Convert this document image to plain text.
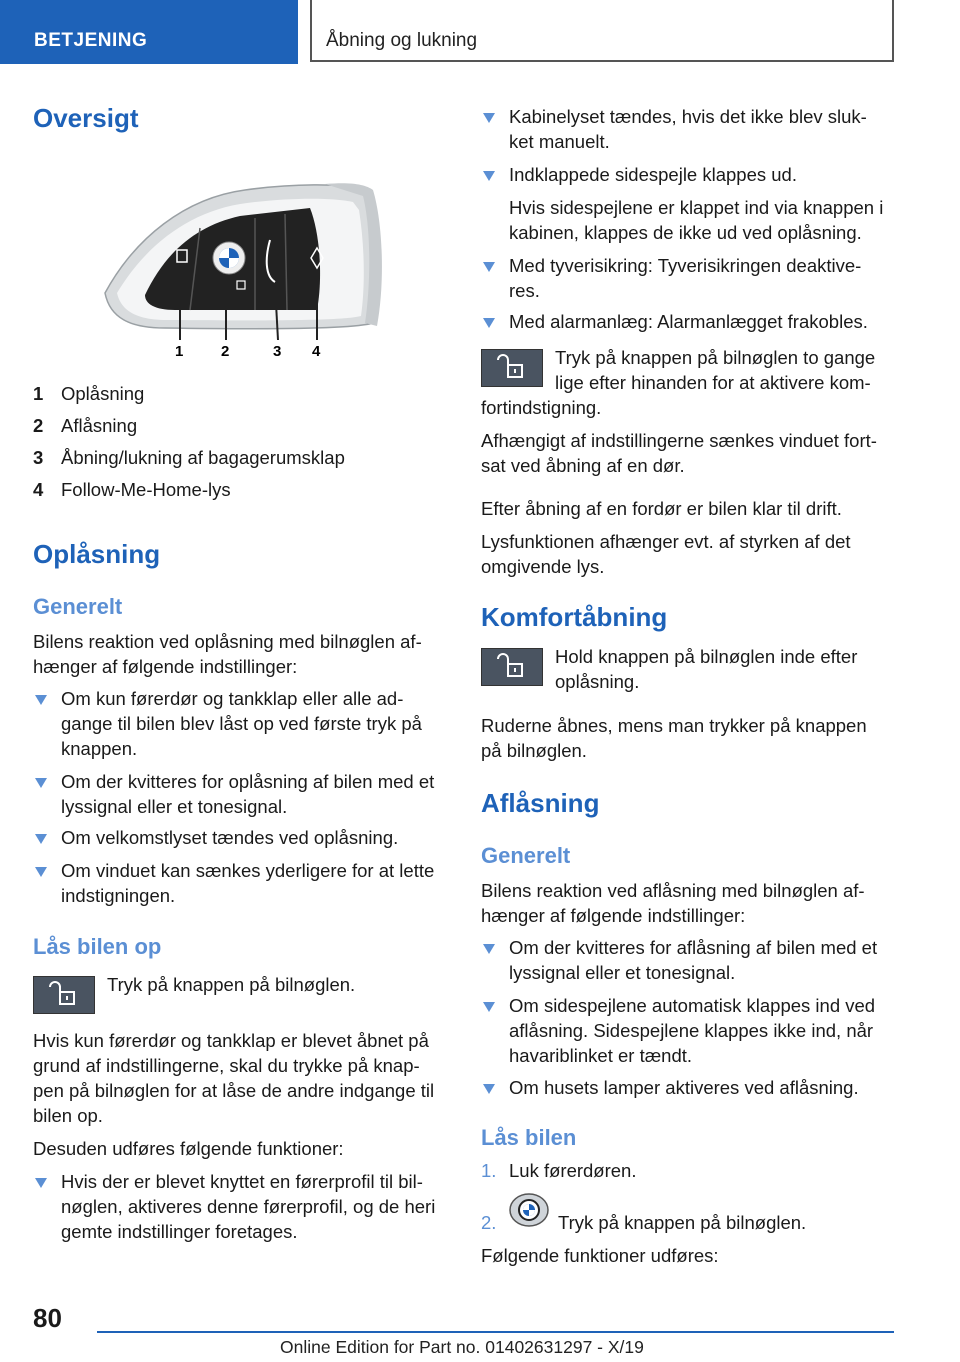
BETJENING	Åbning og lukning
Oversigt
1	2	3 4
1 Oplåsning
2 Aflåsning
3 Åbning/lukning af bagagerumsklap
4 Follow-Me-Home-lys
Oplåsning
Generelt
Bilens reaktion ved oplåsning med bilnøglen af-
hænger af følgende indstillinger:
Om kun førerdør og tankklap eller alle ad-
gange til bilen blev låst op ved første tryk på
knappen.
Om der kvitteres for oplåsning af bilen med et
lyssignal eller et tonesignal.
Om velkomstlyset tændes ved oplåsning.
Om vinduet kan sænkes yderligere for at lette
indstigningen.
Lås bilen op
Tryk på knappen på bilnøglen.
Hvis kun førerdør og tankklap er blevet åbnet på
grund af indstillingerne, skal du trykke på knap-
pen på bilnøglen for at låse de andre indgange til
bilen op.
Desuden udføres følgende funktioner:
Hvis der er blevet knyttet en førerprofil til bil-
nøglen, aktiveres denne førerprofil, og de heri
gemte indstillinger foretages.
Kabinelyset tændes, hvis det ikke blev sluk-
ket manuelt.
Indklappede sidespejle klappes ud.
Hvis sidespejlene er klappet ind via knappen i
kabinen, klappes de ikke ud ved oplåsning.
Med tyverisikring: Tyverisikringen deaktive-
res.
Med alarmanlæg: Alarmanlægget frakobles.
Tryk på knappen på bilnøglen to gange
lige efter hinanden for at aktivere kom-
fortindstigning.
Afhængigt af indstillingerne sænkes vinduet fort-
sat ved åbning af en dør.
Efter åbning af en fordør er bilen klar til drift.
Lysfunktionen afhænger evt. af styrken af det
omgivende lys.
Komfortåbning
Hold knappen på bilnøglen inde efter
oplåsning.
Ruderne åbnes, mens man trykker på knappen
på bilnøglen.
Aflåsning
Generelt
Bilens reaktion ved aflåsning med bilnøglen af-
hænger af følgende indstillinger:
Om der kvitteres for aflåsning af bilen med et
lyssignal eller et tonesignal.
Om sidespejlene automatisk klappes ind ved
aflåsning. Sidespejlene klappes ikke ind, når
havariblinket er tændt.
Om husets lamper aktiveres ved aflåsning.
Lås bilen
1. Luk førerdøren.
2.	Tryk på knappen på bilnøglen.
Følgende funktioner udføres:
80
Online Edition for Part no. 01402631297 - X/19
